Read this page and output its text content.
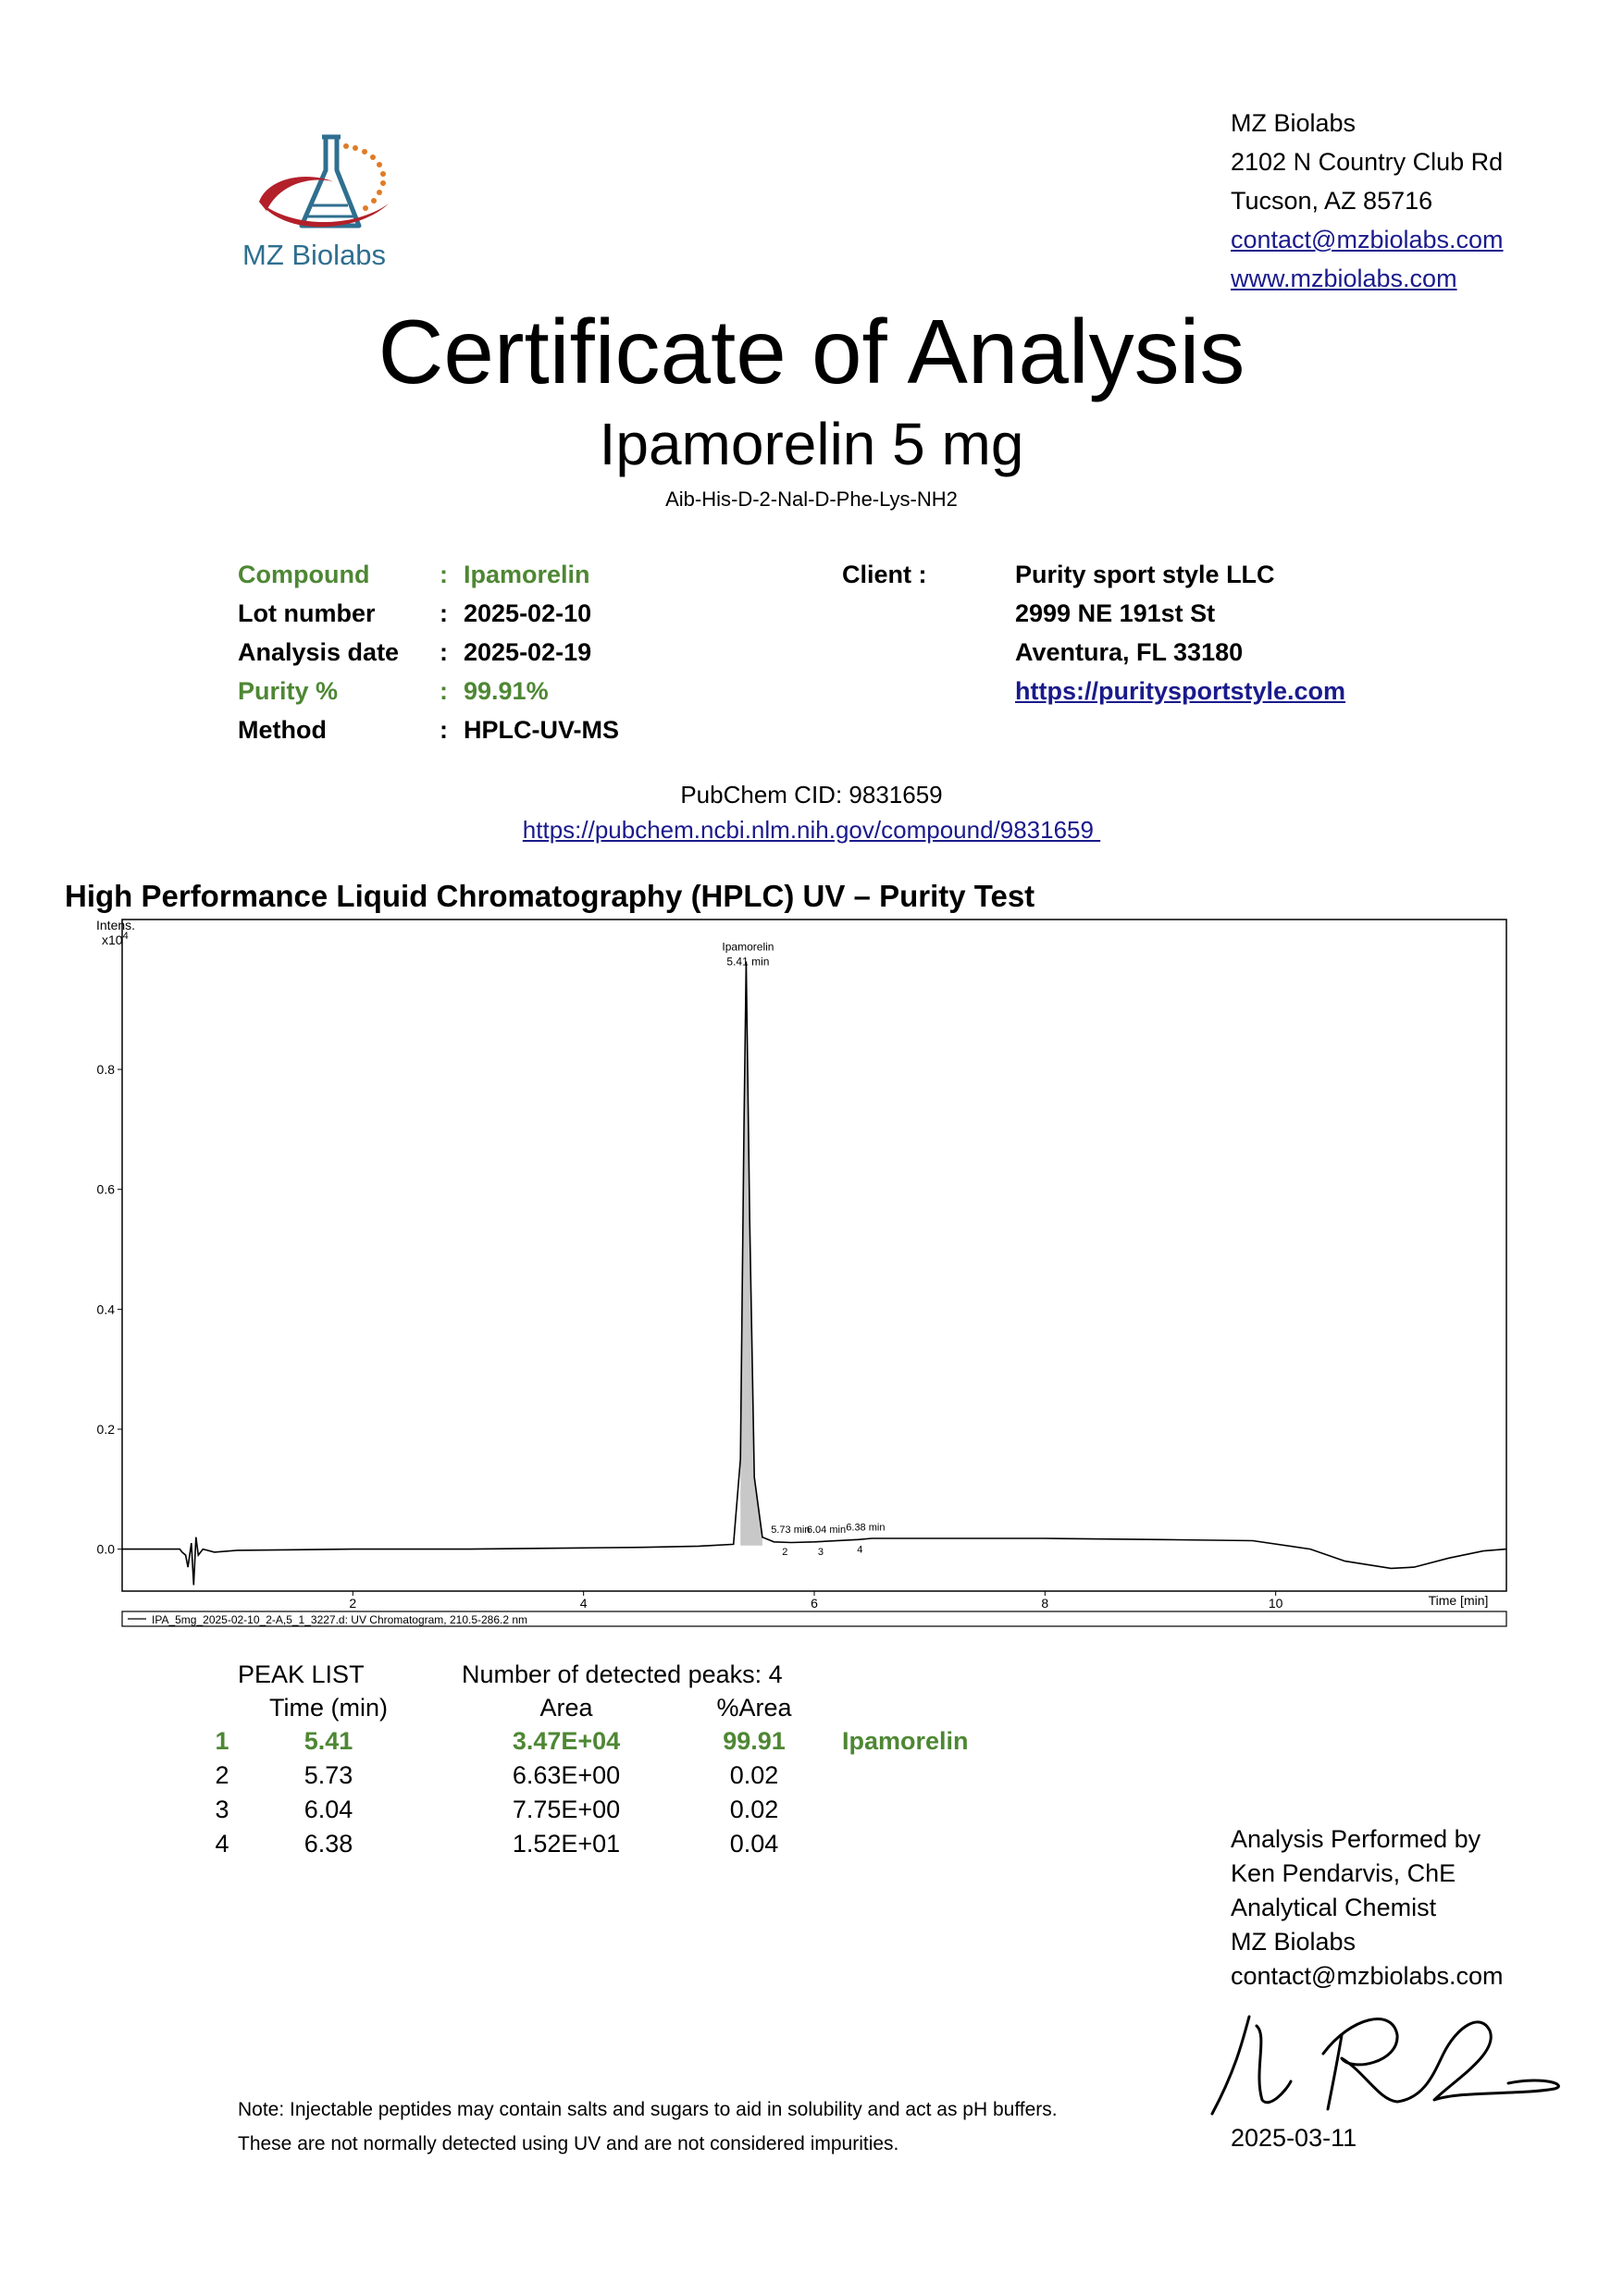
MZ Biolabs
MZ Biolabs
2102 N Country Club Rd
Tucson, AZ 85716
contact@mzbiolabs.com
www.mzbiolabs.com
Certificate of Analysis
Ipamorelin 5 mg
Aib-His-D-2-Nal-D-Phe-Lys-NH2
Compound	: Ipamorelin
Lot number	: 2025-02-10
Analysis date	: 2025-02-19
Purity %	: 99.91%
Method	: HPLC-UV-MS
Client :	Purity sport style LLC
2999 NE 191st St
Aventura, FL 33180
https://puritysportstyle.com
PubChem CID: 9831659
https://pubchem.ncbi.nlm.nih.gov/compound/9831659
High Performance Liquid Chromatography (HPLC) UV – Purity Test
Intens.
$x10^4$
0.0
0.2
0.4
0.6
0.8
2	4	6	8	10
Ipamorelin
5.41 min
5.73 min
2
6.04 min
3
6.38 min
4
Time [min]
IPA_5mg_2025-02-10_2-A,5_1_3227.d: UV Chromatogram, 210.5-286.2 nm
PEAK LIST	Number of detected peaks: 4
Time (min)	Area	%Area
1	5.41	3.47E+04	99.91	Ipamorelin
2	5.73	6.63E+00	0.02
3	6.04	7.75E+00	0.02
4	6.38	1.52E+01	0.04	Analysis Performed by
Ken Pendarvis, ChE
Analytical Chemist
MZ Biolabs
contact@mzbiolabs.com
2025-03-11
Note: Injectable peptides may contain salts and sugars to aid in solubility and act as pH buffers.
These are not normally detected using UV and are not considered impurities.
